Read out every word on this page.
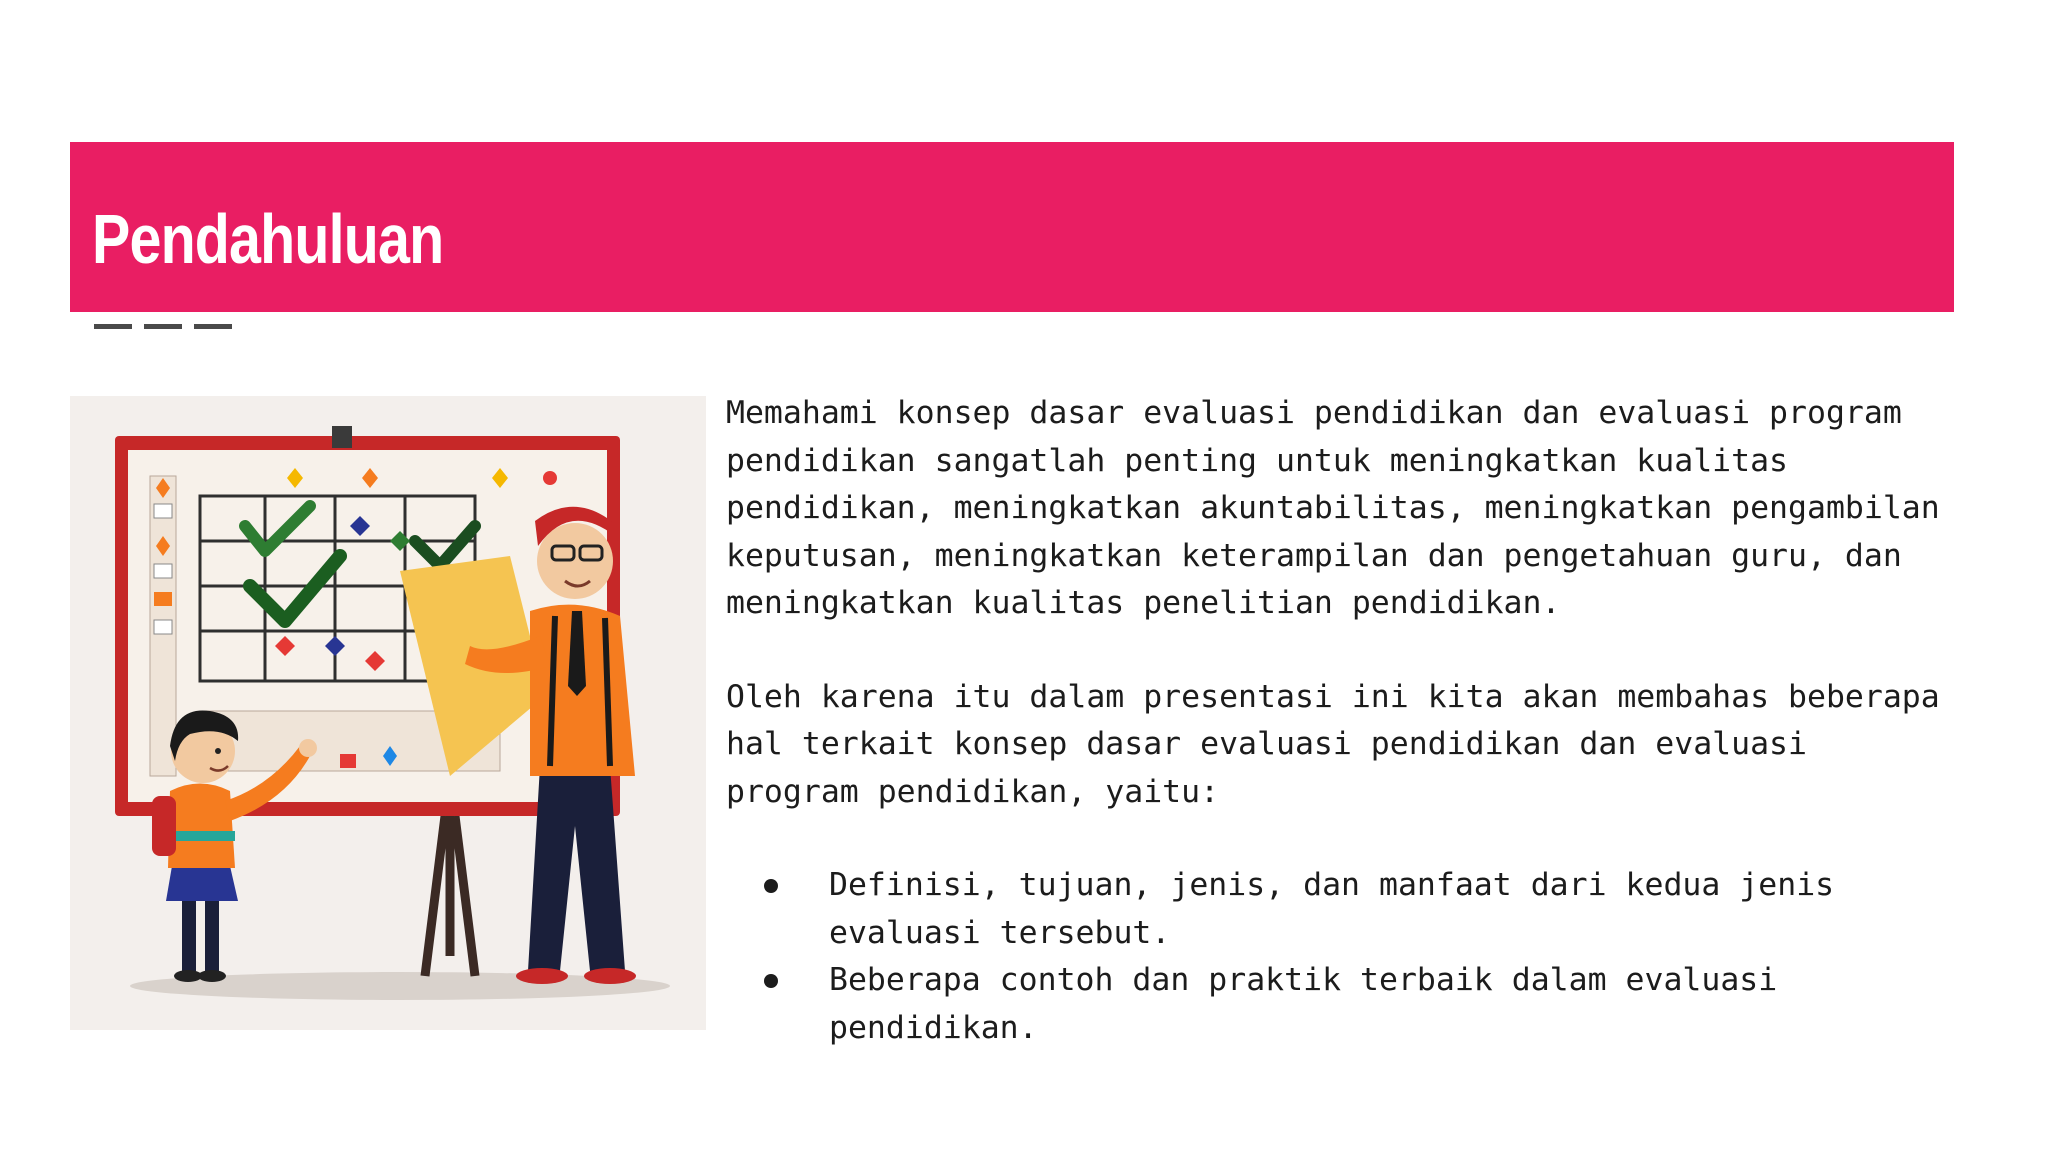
Pendahuluan

Memahami konsep dasar evaluasi pendidikan dan evaluasi program pendidikan sangatlah penting untuk meningkatkan kualitas pendidikan, meningkatkan akuntabilitas, meningkatkan pengambilan keputusan, meningkatkan keterampilan dan pengetahuan guru, dan meningkatkan kualitas penelitian pendidikan.

Oleh karena itu dalam presentasi ini kita akan membahas beberapa hal terkait konsep dasar evaluasi pendidikan dan evaluasi program pendidikan, yaitu:

Definisi, tujuan, jenis, dan manfaat dari kedua jenis evaluasi tersebut.
Beberapa contoh dan praktik terbaik dalam evaluasi pendidikan.
